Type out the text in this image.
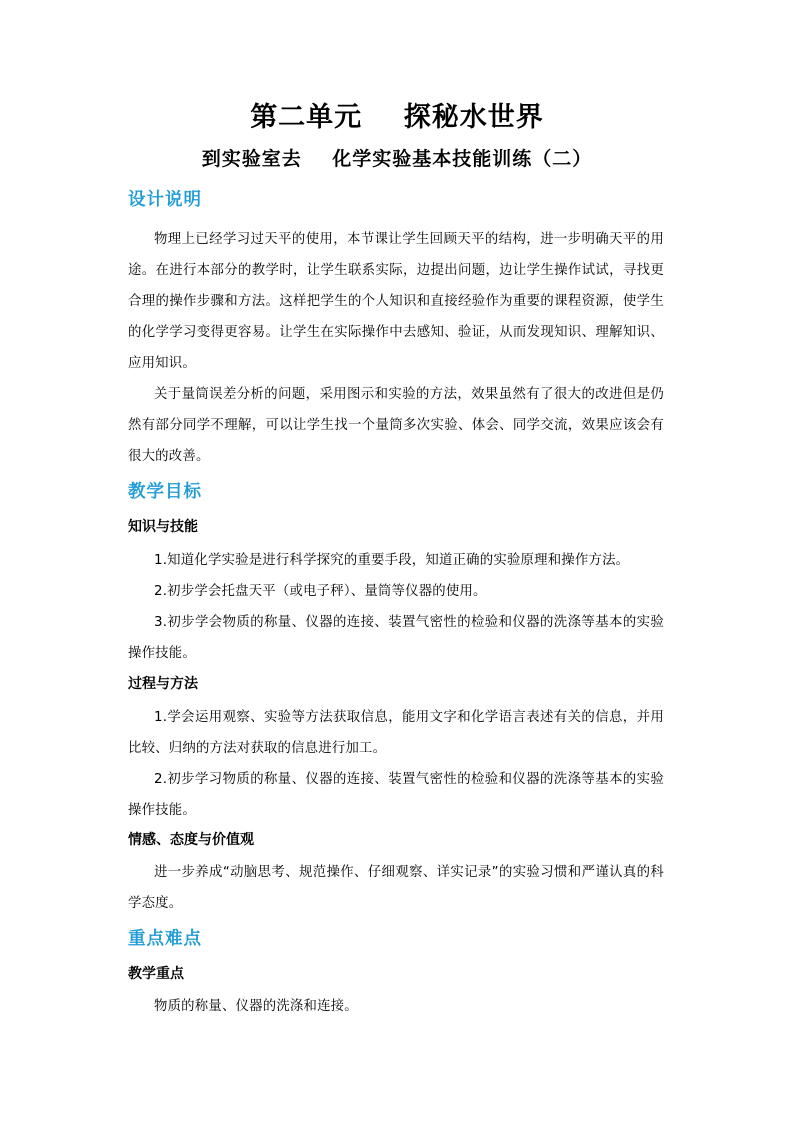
第二单元    探秘水世界
到实验室去    化学实验基本技能训练（二）
设计说明

物理上已经学习过天平的使用，本节课让学生回顾天平的结构，进一步明确天平的用途。在进行本部分的教学时，让学生联系实际，边提出问题，边让学生操作试试，寻找更合理的操作步骤和方法。这样把学生的个人知识和直接经验作为重要的课程资源，使学生的化学学习变得更容易。让学生在实际操作中去感知、验证，从而发现知识、理解知识、应用知识。

关于量筒误差分析的问题，采用图示和实验的方法，效果虽然有了很大的改进但是仍然有部分同学不理解，可以让学生找一个量筒多次实验、体会、同学交流，效果应该会有很大的改善。

教学目标
知识与技能

1.知道化学实验是进行科学探究的重要手段，知道正确的实验原理和操作方法。

2.初步学会托盘天平（或电子秤）、量筒等仪器的使用。

3.初步学会物质的称量、仪器的连接、装置气密性的检验和仪器的洗涤等基本的实验操作技能。

过程与方法

1.学会运用观察、实验等方法获取信息，能用文字和化学语言表述有关的信息，并用比较、归纳的方法对获取的信息进行加工。

2.初步学习物质的称量、仪器的连接、装置气密性的检验和仪器的洗涤等基本的实验操作技能。

情感、态度与价值观

进一步养成“动脑思考、规范操作、仔细观察、详实记录”的实验习惯和严谨认真的科学态度。

重点难点
教学重点

物质的称量、仪器的洗涤和连接。
